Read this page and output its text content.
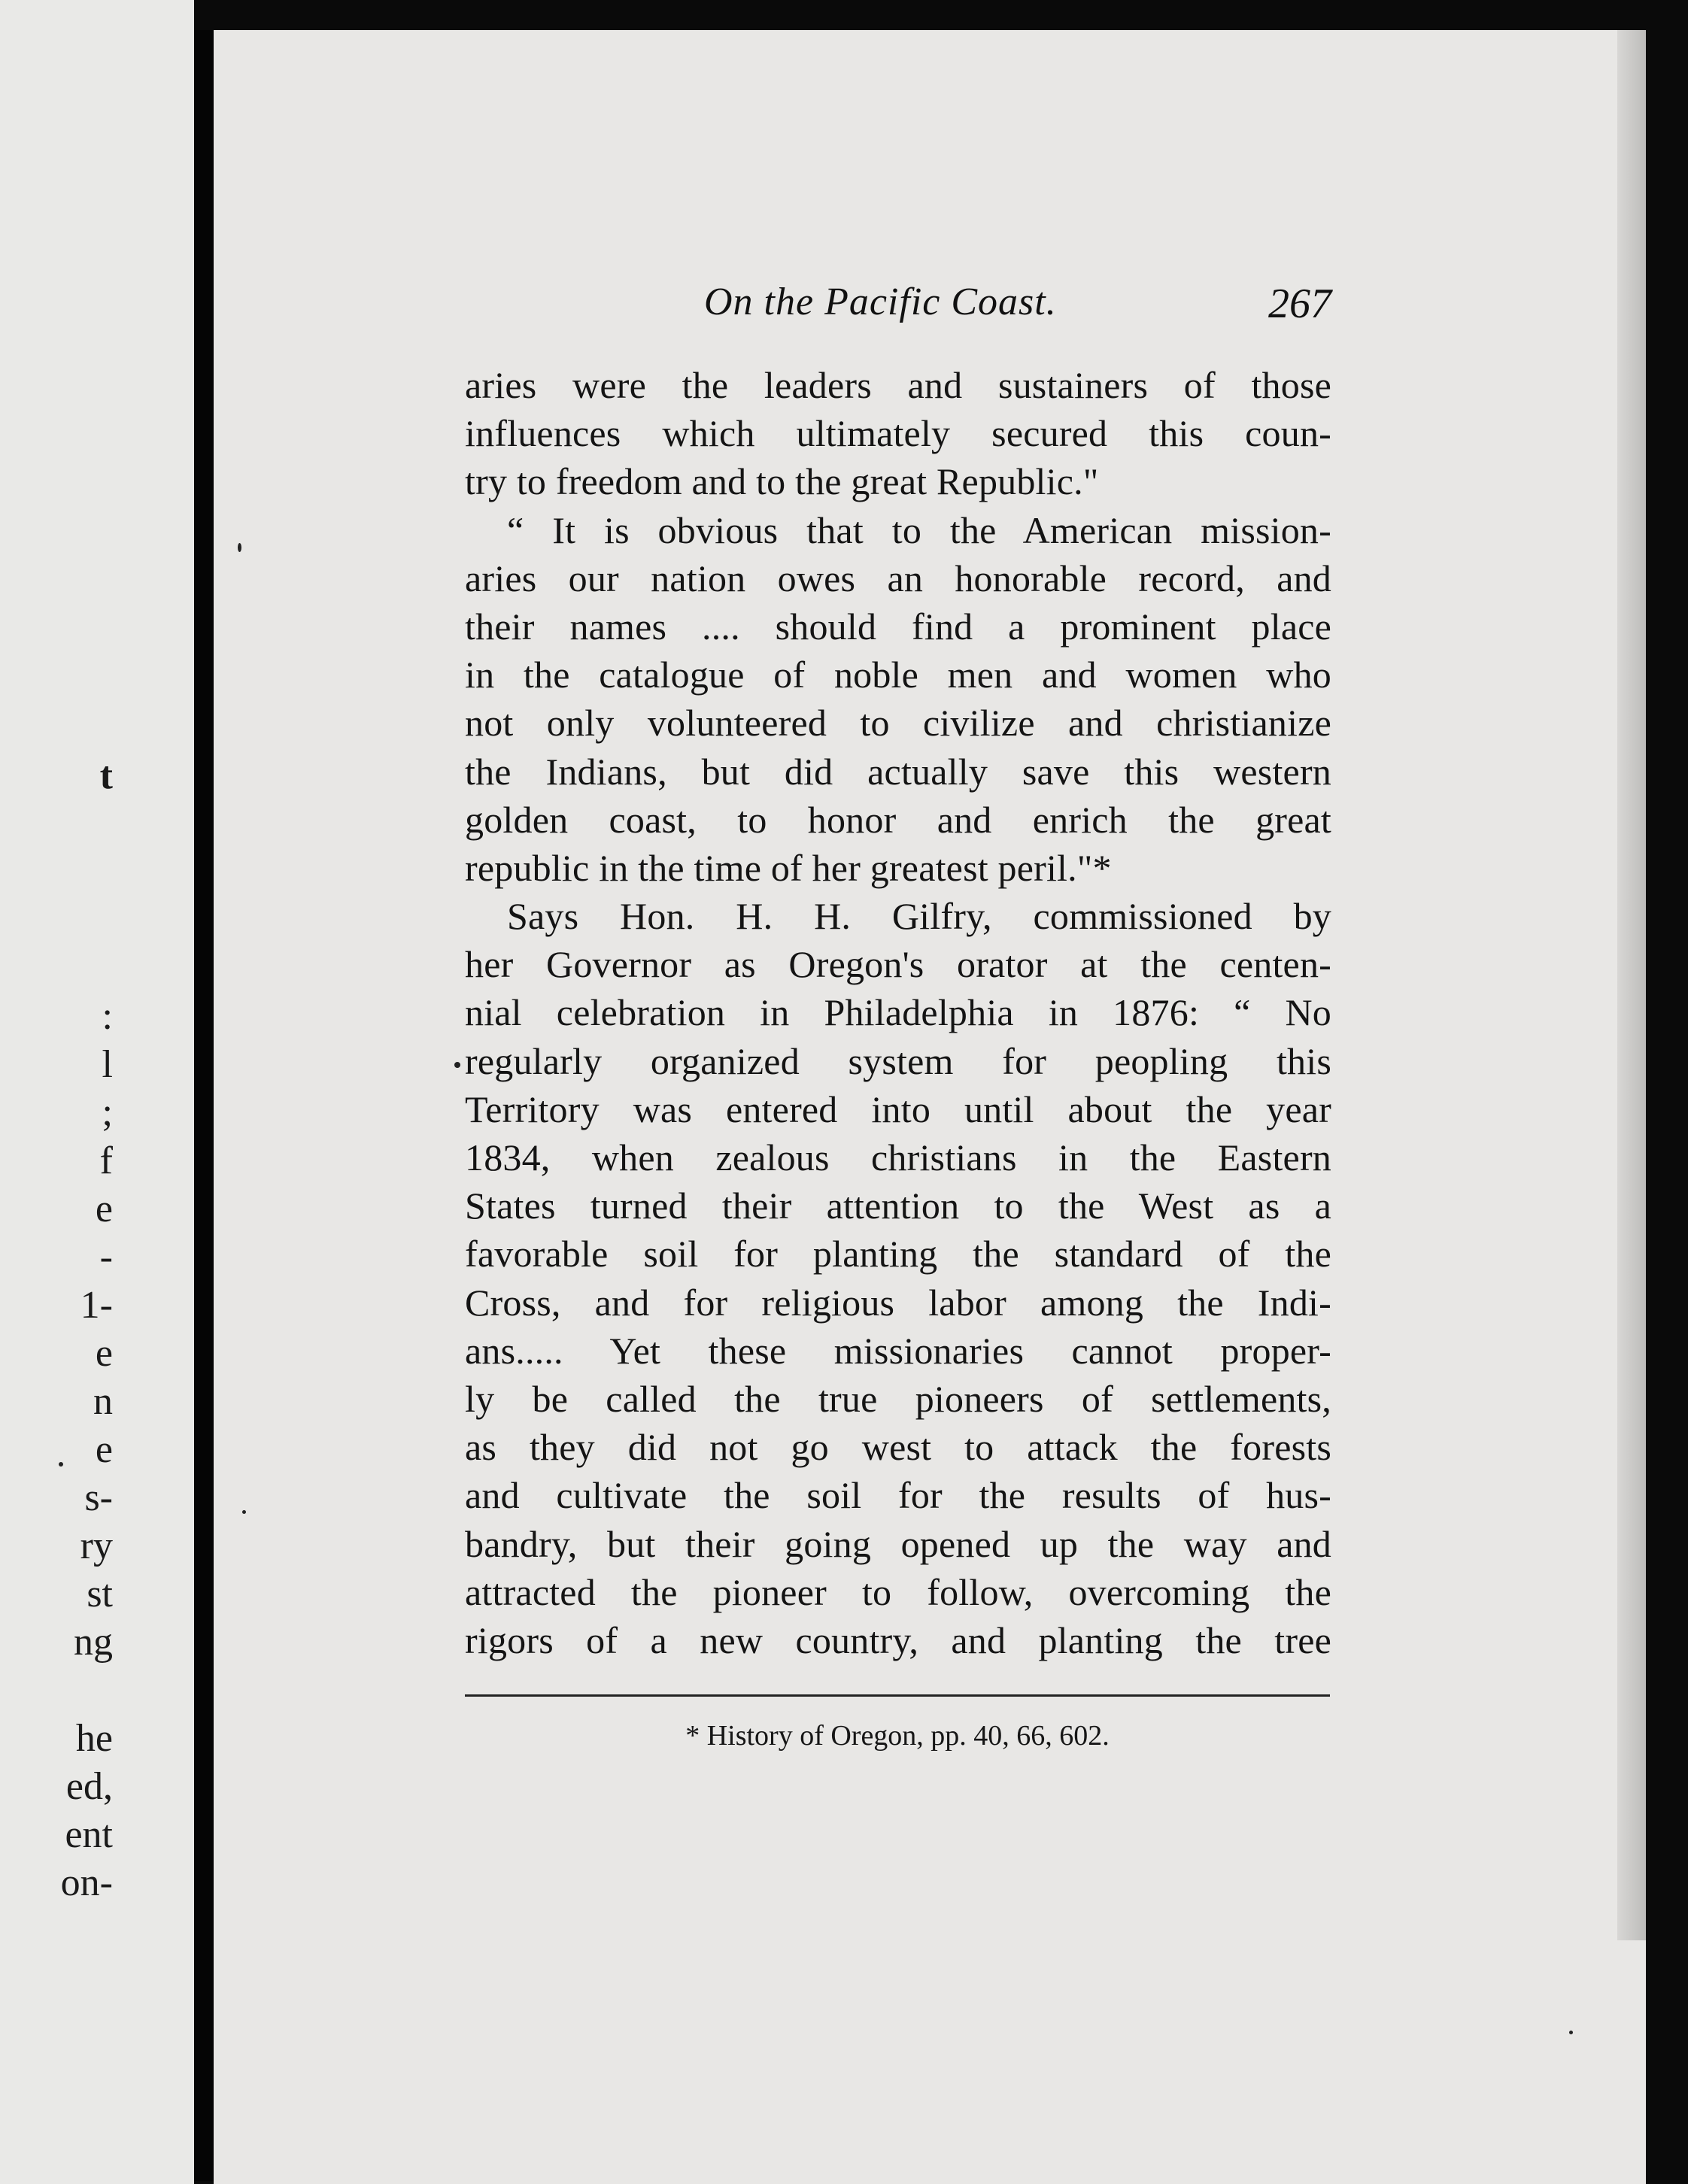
t
:
l
;
f
e
-
1-
e
n
e
s-
ry
st
ng
he
ed,
ent
on-
On the Pacific Coast.	267
aries were the leaders and sustainers of those
influences which ultimately secured this coun-
try to freedom and to the great Republic."
“ It is obvious that to the American mission-
aries our nation owes an honorable record, and
their names .... should find a prominent place
in the catalogue of noble men and women who
not only volunteered to civilize and christianize
the Indians, but did actually save this western
golden coast, to honor and enrich the great
republic in the time of her greatest peril."*
Says Hon. H. H. Gilfry, commissioned by
her Governor as Oregon's orator at the centen-
nial celebration in Philadelphia in 1876: “ No
regularly organized system for peopling this
Territory was entered into until about the year
1834, when zealous christians in the Eastern
States turned their attention to the West as a
favorable soil for planting the standard of the
Cross, and for religious labor among the Indi-
ans..... Yet these missionaries cannot proper-
ly be called the true pioneers of settlements,
as they did not go west to attack the forests
and cultivate the soil for the results of hus-
bandry, but their going opened up the way and
attracted the pioneer to follow, overcoming the
rigors of a new country, and planting the tree
* History of Oregon, pp. 40, 66, 602.
